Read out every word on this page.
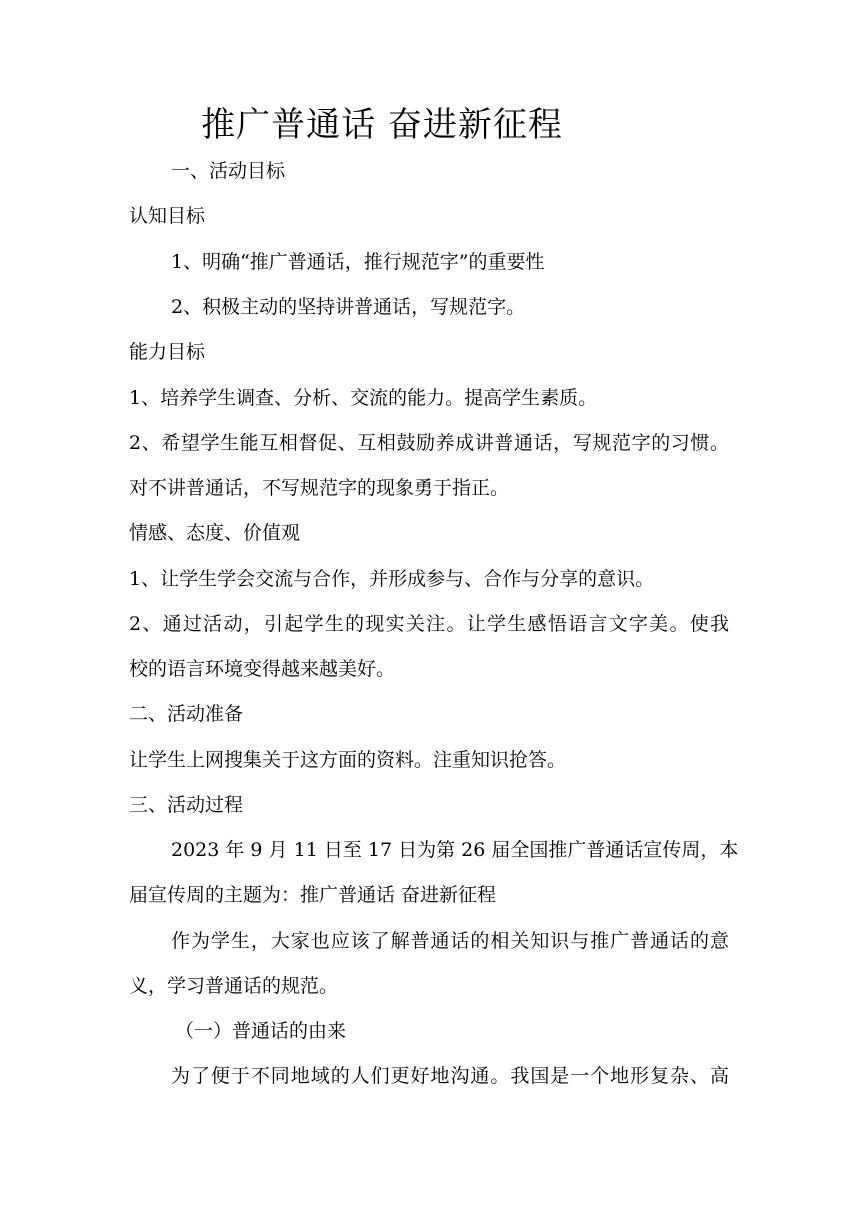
推广普通话 奋进新征程
一、活动目标
认知目标
1、明确“推广普通话，推行规范字”的重要性
2、积极主动的坚持讲普通话，写规范字。
能力目标
1、培养学生调查、分析、交流的能力。提高学生素质。
2、希望学生能互相督促、互相鼓励养成讲普通话，写规范字的习惯。
对不讲普通话，不写规范字的现象勇于指正。
情感、态度、价值观
1、让学生学会交流与合作，并形成参与、合作与分享的意识。
2、通过活动，引起学生的现实关注。让学生感悟语言文字美。使我
校的语言环境变得越来越美好。
二、活动准备
让学生上网搜集关于这方面的资料。注重知识抢答。
三、活动过程
2023 年 9 月 11 日至 17 日为第 26 届全国推广普通话宣传周，本
届宣传周的主题为：推广普通话 奋进新征程
作为学生，大家也应该了解普通话的相关知识与推广普通话的意
义，学习普通话的规范。
（一）普通话的由来
为了便于不同地域的人们更好地沟通。我国是一个地形复杂、高
